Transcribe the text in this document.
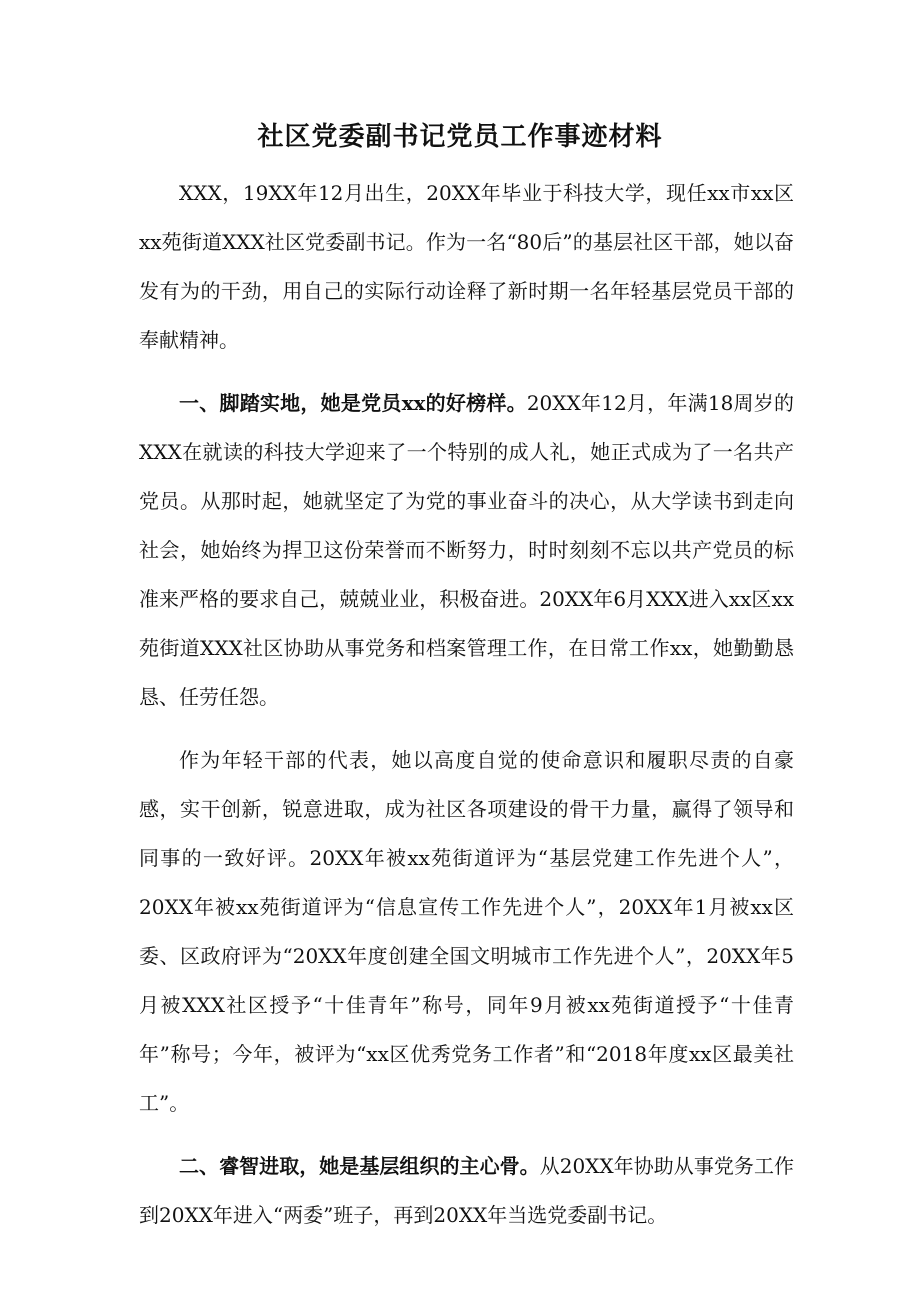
社区党委副书记党员工作事迹材料

XXX，19XX年12月出生，20XX年毕业于科技大学，现任xx市xx区xx苑街道XXX社区党委副书记。作为一名“80后”的基层社区干部，她以奋发有为的干劲，用自己的实际行动诠释了新时期一名年轻基层党员干部的奉献精神。

一、脚踏实地，她是党员xx的好榜样。20XX年12月，年满18周岁的XXX在就读的科技大学迎来了一个特别的成人礼，她正式成为了一名共产党员。从那时起，她就坚定了为党的事业奋斗的决心，从大学读书到走向社会，她始终为捍卫这份荣誉而不断努力，时时刻刻不忘以共产党员的标准来严格的要求自己，兢兢业业，积极奋进。20XX年6月XXX进入xx区xx苑街道XXX社区协助从事党务和档案管理工作，在日常工作xx，她勤勤恳恳、任劳任怨。

作为年轻干部的代表，她以高度自觉的使命意识和履职尽责的自豪感，实干创新，锐意进取，成为社区各项建设的骨干力量，赢得了领导和同事的一致好评。20XX年被xx苑街道评为“基层党建工作先进个人”，20XX年被xx苑街道评为“信息宣传工作先进个人”，20XX年1月被xx区委、区政府评为“20XX年度创建全国文明城市工作先进个人”，20XX年5月被XXX社区授予“十佳青年”称号，同年9月被xx苑街道授予“十佳青年”称号；今年，被评为“xx区优秀党务工作者”和“2018年度xx区最美社工”。

二、睿智进取，她是基层组织的主心骨。从20XX年协助从事党务工作到20XX年进入“两委”班子，再到20XX年当选党委副书记。
